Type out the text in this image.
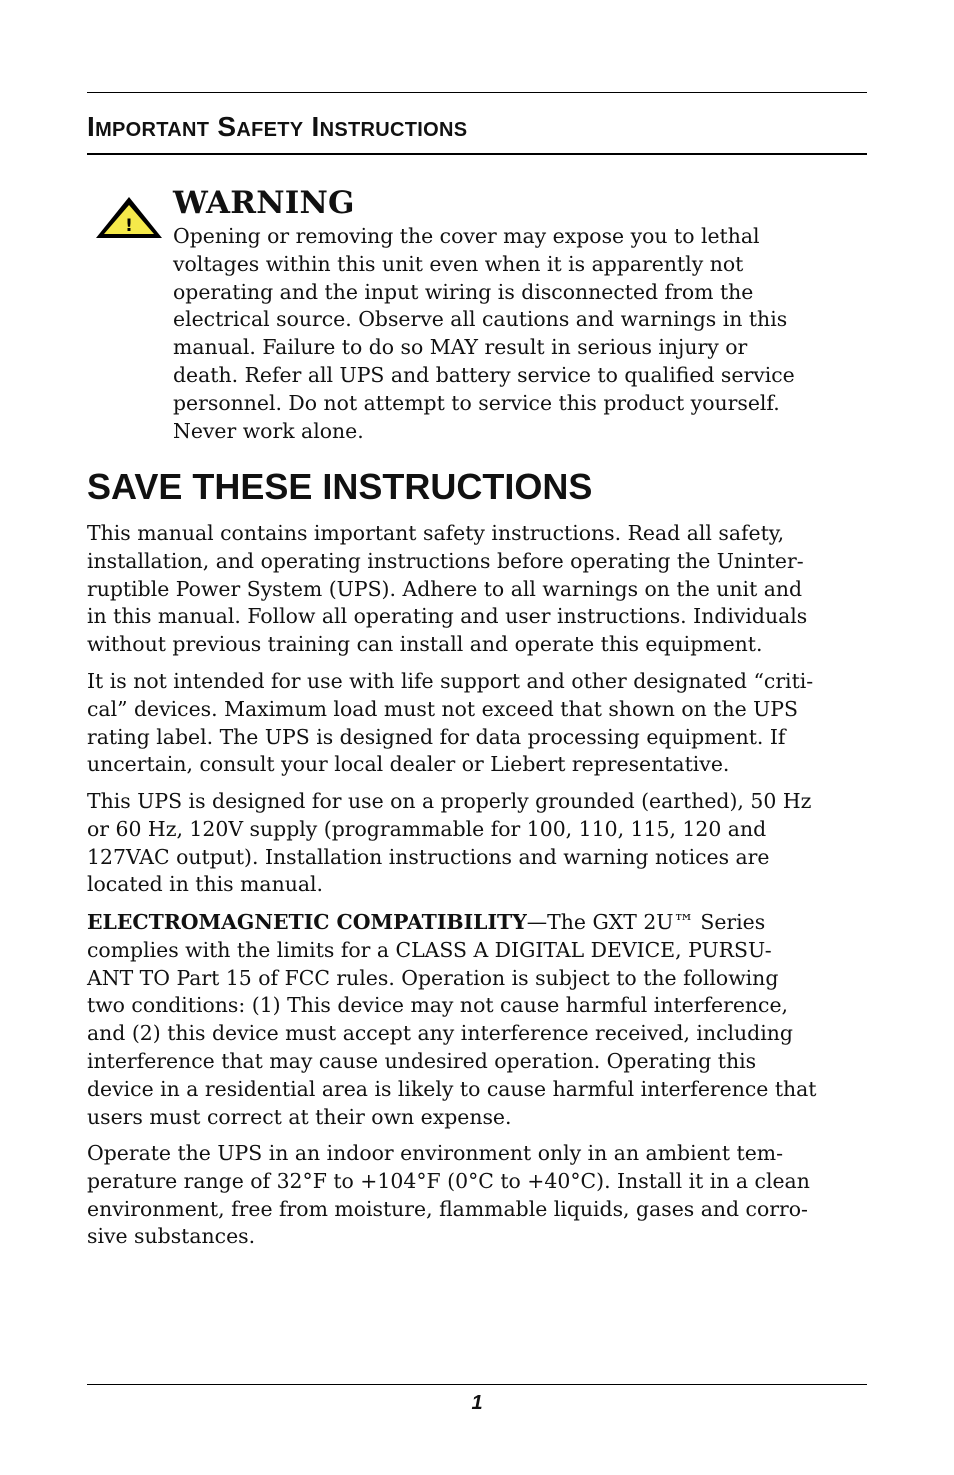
Important Safety Instructions
!
WARNING
Opening or removing the cover may expose you to lethal
voltages within this unit even when it is apparently not
operating and the input wiring is disconnected from the
electrical source. Observe all cautions and warnings in this
manual. Failure to do so MAY result in serious injury or
death. Refer all UPS and battery service to qualified service
personnel. Do not attempt to service this product yourself.
Never work alone.
SAVE THESE INSTRUCTIONS
This manual contains important safety instructions. Read all safety,
installation, and operating instructions before operating the Uninter-
ruptible Power System (UPS). Adhere to all warnings on the unit and
in this manual. Follow all operating and user instructions. Individuals
without previous training can install and operate this equipment.
It is not intended for use with life support and other designated “criti-
cal” devices. Maximum load must not exceed that shown on the UPS
rating label. The UPS is designed for data processing equipment. If
uncertain, consult your local dealer or Liebert representative.
This UPS is designed for use on a properly grounded (earthed), 50 Hz
or 60 Hz, 120V supply (programmable for 100, 110, 115, 120 and
127VAC output). Installation instructions and warning notices are
located in this manual.
ELECTROMAGNETIC COMPATIBILITY—The GXT 2U™ Series
complies with the limits for a CLASS A DIGITAL DEVICE, PURSU-
ANT TO Part 15 of FCC rules. Operation is subject to the following
two conditions: (1) This device may not cause harmful interference,
and (2) this device must accept any interference received, including
interference that may cause undesired operation. Operating this
device in a residential area is likely to cause harmful interference that
users must correct at their own expense.
Operate the UPS in an indoor environment only in an ambient tem-
perature range of 32°F to +104°F (0°C to +40°C). Install it in a clean
environment, free from moisture, flammable liquids, gases and corro-
sive substances.
1
